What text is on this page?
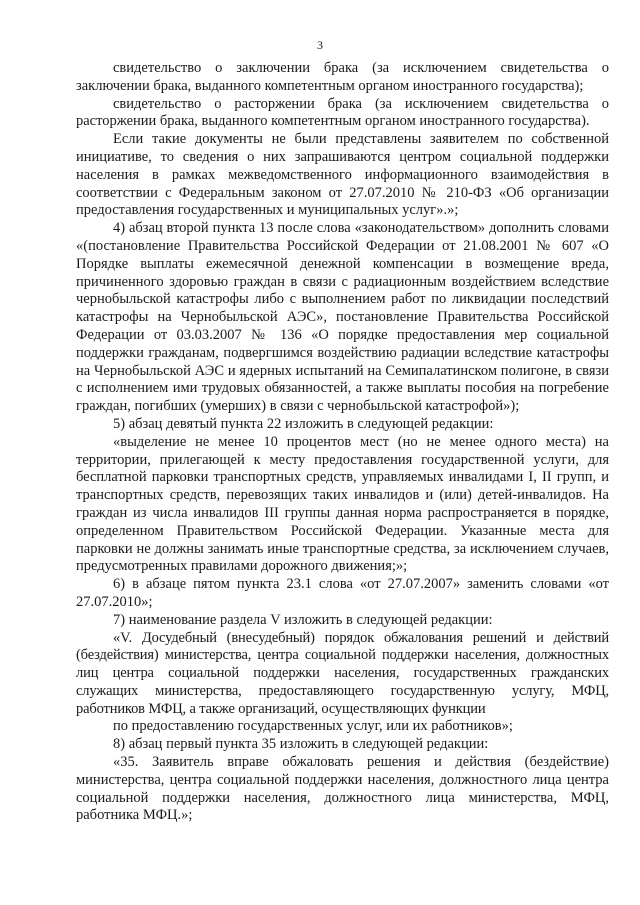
3

свидетельство о заключении брака (за исключением свидетельства о заключении брака, выданного компетентным органом иностранного государства);

свидетельство о расторжении брака (за исключением свидетельства о расторжении брака, выданного компетентным органом иностранного государства).

Если такие документы не были представлены заявителем по собственной инициативе, то сведения о них запрашиваются центром социальной поддержки населения в рамках межведомственного информационного взаимодействия в соответствии с Федеральным законом от 27.07.2010 № 210-ФЗ «Об организации предоставления государственных и муниципальных услуг».»;

4) абзац второй пункта 13 после слова «законодательством» дополнить словами «(постановление Правительства Российской Федерации от 21.08.2001 № 607 «О Порядке выплаты ежемесячной денежной компенсации в возмещение вреда, причиненного здоровью граждан в связи с радиационным воздействием вследствие чернобыльской катастрофы либо с выполнением работ по ликвидации последствий катастрофы на Чернобыльской АЭС», постановление Правительства Российской Федерации от 03.03.2007 № 136 «О порядке предоставления мер социальной поддержки гражданам, подвергшимся воздействию радиации вследствие катастрофы на Чернобыльской АЭС и ядерных испытаний на Семипалатинском полигоне, в связи с исполнением ими трудовых обязанностей, а также выплаты пособия на погребение граждан, погибших (умерших) в связи с чернобыльской катастрофой»);

5) абзац девятый пункта 22 изложить в следующей редакции:

«выделение не менее 10 процентов мест (но не менее одного места) на территории, прилегающей к месту предоставления государственной услуги, для бесплатной парковки транспортных средств, управляемых инвалидами I, II групп, и транспортных средств, перевозящих таких инвалидов и (или) детей-инвалидов. На граждан из числа инвалидов III группы данная норма распространяется в порядке, определенном Правительством Российской Федерации. Указанные места для парковки не должны занимать иные транспортные средства, за исключением случаев, предусмотренных правилами дорожного движения;»;

6) в абзаце пятом пункта 23.1 слова «от 27.07.2007» заменить словами «от 27.07.2010»;

7) наименование раздела V изложить в следующей редакции:

«V. Досудебный (внесудебный) порядок обжалования решений и действий (бездействия) министерства, центра социальной поддержки населения, должностных лиц центра социальной поддержки населения, государственных гражданских служащих министерства, предоставляющего государственную услугу, МФЦ, работников МФЦ, а также организаций, осуществляющих функции

по предоставлению государственных услуг, или их работников»;

8) абзац первый пункта 35 изложить в следующей редакции:

«35. Заявитель вправе обжаловать решения и действия (бездействие) министерства, центра социальной поддержки населения, должностного лица центра социальной поддержки населения, должностного лица министерства, МФЦ, работника МФЦ.»;
